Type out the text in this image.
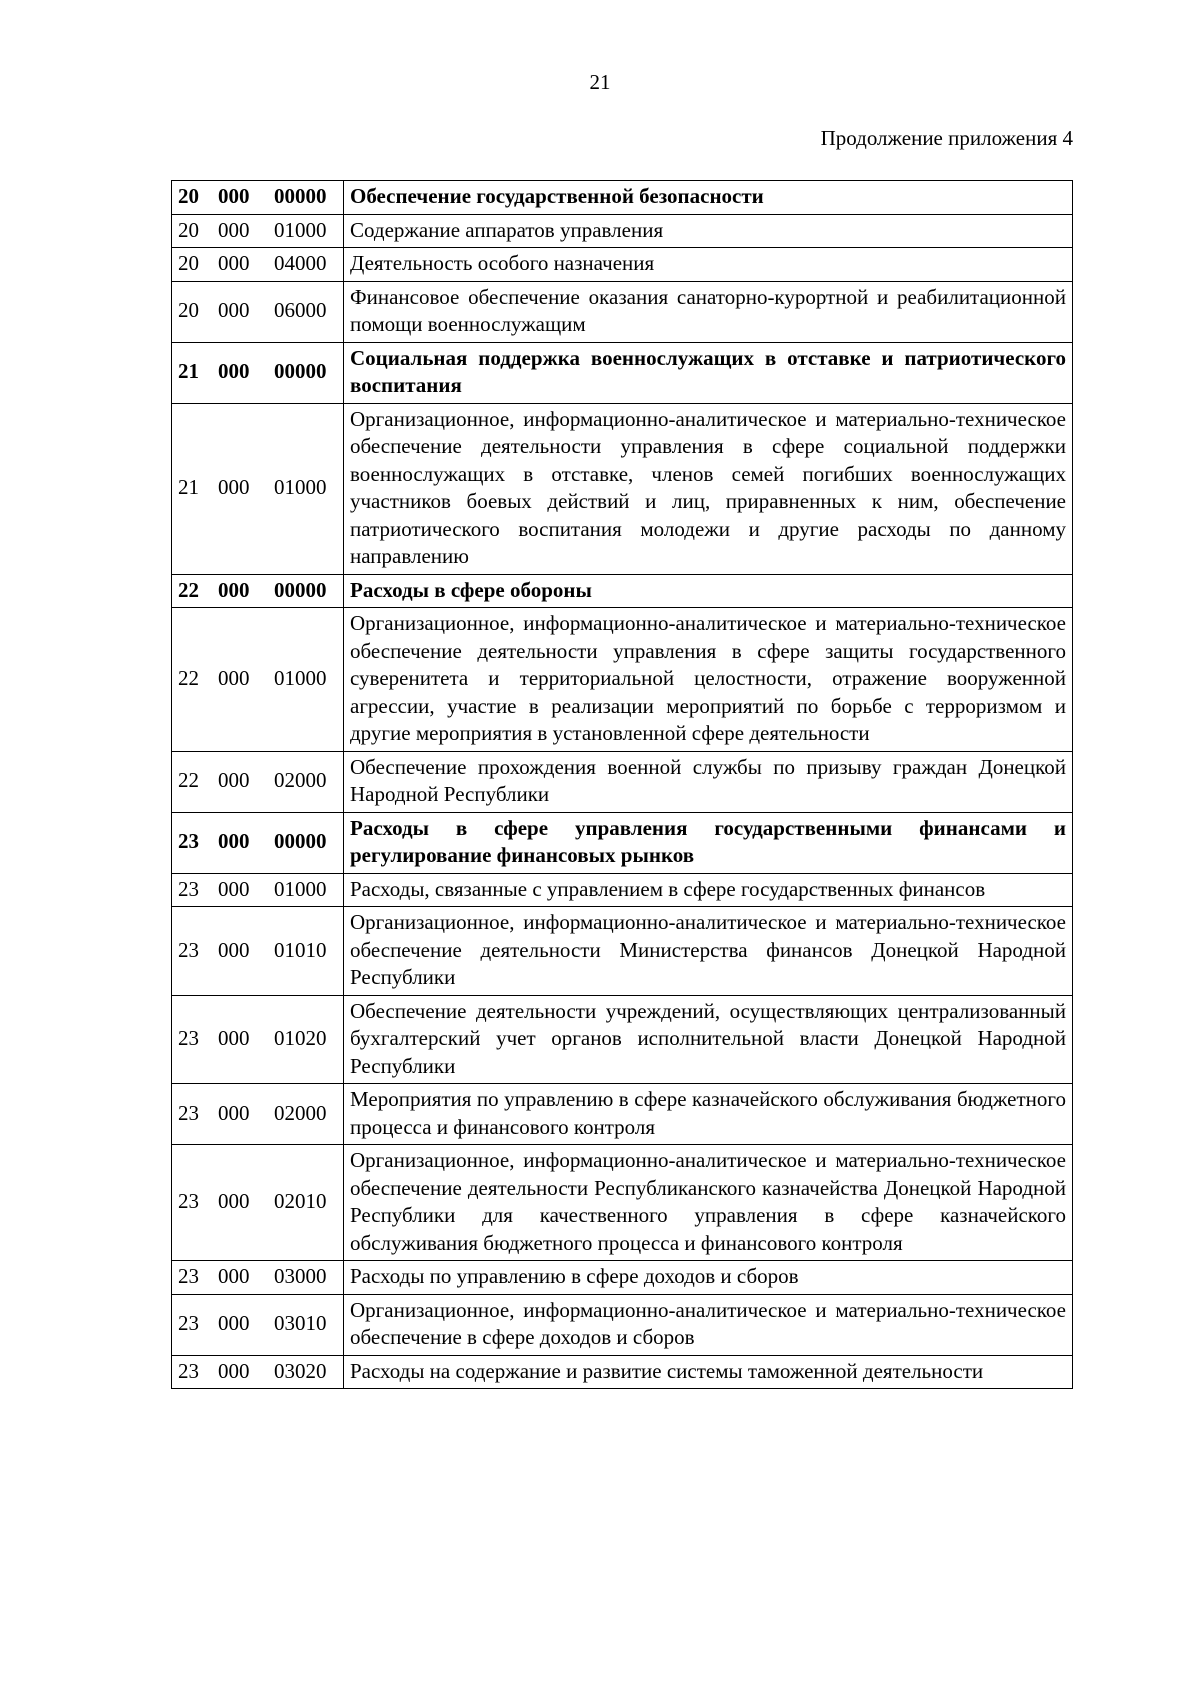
21
Продолжение приложения 4
20 000 00000	Обеспечение государственной безопасности
20 000 01000	Содержание аппаратов управления
20 000 04000	Деятельность особого назначения
20 000 06000	Финансовое обеспечение оказания санаторно-курортной и реабилитационной помощи военнослужащим
21 000 00000	Социальная поддержка военнослужащих в отставке и патриотического воспитания
21 000 01000	Организационное, информационно-аналитическое и материально-техническое обеспечение деятельности управления в сфере социальной поддержки военнослужащих в отставке, членов семей погибших военнослужащих участников боевых действий и лиц, приравненных к ним, обеспечение патриотического воспитания молодежи и другие расходы по данному направлению
22 000 00000	Расходы в сфере обороны
22 000 01000	Организационное, информационно-аналитическое и материально-техническое обеспечение деятельности управления в сфере защиты государственного суверенитета и территориальной целостности, отражение вооруженной агрессии, участие в реализации мероприятий по борьбе с терроризмом и другие мероприятия в установленной сфере деятельности
22 000 02000	Обеспечение прохождения военной службы по призыву граждан Донецкой Народной Республики
23 000 00000	Расходы в сфере управления государственными финансами и регулирование финансовых рынков
23 000 01000	Расходы, связанные с управлением в сфере государственных финансов
23 000 01010	Организационное, информационно-аналитическое и материально-техническое обеспечение деятельности Министерства финансов Донецкой Народной Республики
23 000 01020	Обеспечение деятельности учреждений, осуществляющих централизованный бухгалтерский учет органов исполнительной власти Донецкой Народной Республики
23 000 02000	Мероприятия по управлению в сфере казначейского обслуживания бюджетного процесса и финансового контроля
23 000 02010	Организационное, информационно-аналитическое и материально-техническое обеспечение деятельности Республиканского казначейства Донецкой Народной Республики для качественного управления в сфере казначейского обслуживания бюджетного процесса и финансового контроля
23 000 03000	Расходы по управлению в сфере доходов и сборов
23 000 03010	Организационное, информационно-аналитическое и материально-техническое обеспечение в сфере доходов и сборов
23 000 03020	Расходы на содержание и развитие системы таможенной деятельности
